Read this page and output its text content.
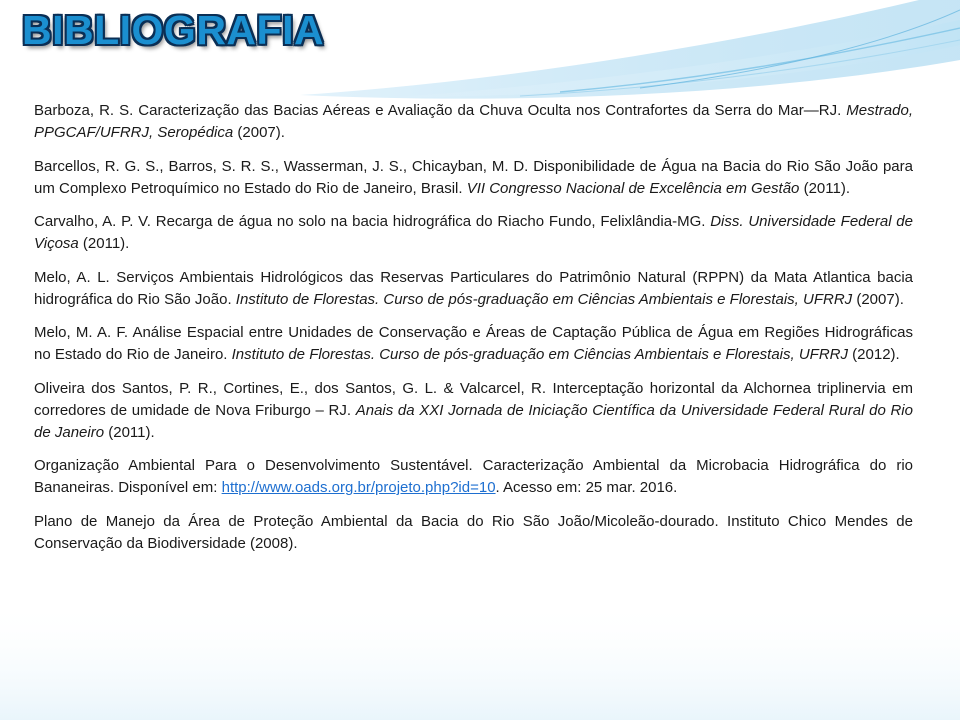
BIBLIOGRAFIA

Barboza, R. S. Caracterização das Bacias Aéreas e Avaliação da Chuva Oculta nos Contrafortes da Serra do Mar—RJ. Mestrado, PPGCAF/UFRRJ, Seropédica (2007).

Barcellos, R. G. S., Barros, S. R. S., Wasserman, J. S., Chicayban, M. D. Disponibilidade de Água na Bacia do Rio São João para um Complexo Petroquímico no Estado do Rio de Janeiro, Brasil. VII Congresso Nacional de Excelência em Gestão (2011).

Carvalho, A. P. V. Recarga de água no solo na bacia hidrográfica do Riacho Fundo, Felixlândia-MG. Diss. Universidade Federal de Viçosa (2011).

Melo, A. L. Serviços Ambientais Hidrológicos das Reservas Particulares do Patrimônio Natural (RPPN) da Mata Atlantica bacia hidrográfica do Rio São João. Instituto de Florestas. Curso de pós-graduação em Ciências Ambientais e Florestais, UFRRJ (2007).

Melo, M. A. F. Análise Espacial entre Unidades de Conservação e Áreas de Captação Pública de Água em Regiões Hidrográficas no Estado do Rio de Janeiro. Instituto de Florestas. Curso de pós-graduação em Ciências Ambientais e Florestais, UFRRJ (2012).

Oliveira dos Santos, P. R., Cortines, E., dos Santos, G. L. & Valcarcel, R. Interceptação horizontal da Alchornea triplinervia em corredores de umidade de Nova Friburgo – RJ. Anais da XXI Jornada de Iniciação Científica da Universidade Federal Rural do Rio de Janeiro (2011).

Organização Ambiental Para o Desenvolvimento Sustentável. Caracterização Ambiental da Microbacia Hidrográfica do rio Bananeiras. Disponível em: http://www.oads.org.br/projeto.php?id=10. Acesso em: 25 mar. 2016.

Plano de Manejo da Área de Proteção Ambiental da Bacia do Rio São João/Micoleão-dourado. Instituto Chico Mendes de Conservação da Biodiversidade (2008).
